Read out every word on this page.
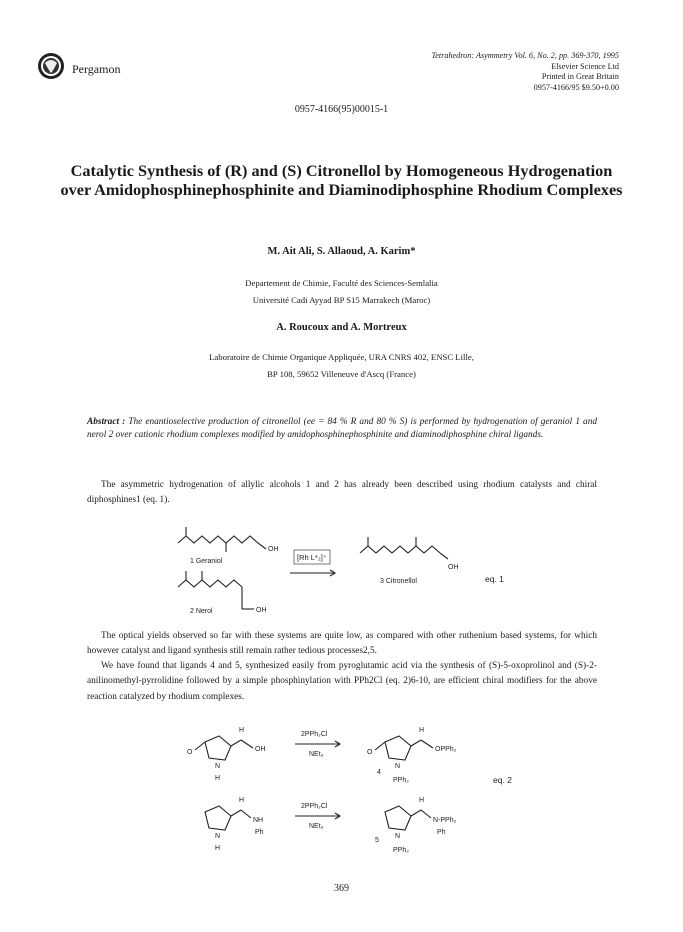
Pergamon
Tetrahedron: Asymmetry Vol. 6, No. 2, pp. 369-370, 1995
Elsevier Science Ltd
Printed in Great Britain
0957-4166/95 $9.50+0.00
0957-4166(95)00015-1
Catalytic Synthesis of (R) and (S) Citronellol by Homogeneous Hydrogenation over Amidophosphinephosphinite and Diaminodiphosphine Rhodium Complexes
M. Ait Ali, S. Allaoud, A. Karim*
Departement de Chimie, Faculté des Sciences-Semlalia
Université Cadi Ayyad BP S15 Marrakech (Maroc)
A. Roucoux and A. Mortreux
Laboratoire de Chimie Organique Appliquée, URA CNRS 402, ENSC Lille,
BP 108, 59652 Villeneuve d'Ascq (France)
Abstract : The enantioselective production of citronellol (ee = 84 % R and 80 % S) is performed by hydrogenation of geraniol 1 and nerol 2 over cationic rhodium complexes modified by amidophosphinephosphinite and diaminodiphosphine chiral ligands.
The asymmetric hydrogenation of allylic alcohols 1 and 2 has already been described using rhodium catalysts and chiral diphosphines1 (eq. 1).
OH
1 Geraniol
OH
2 Nerol
[Rh L*₂]⁺
OH
3 Citronellol	eq. 1
The optical yields observed so far with these systems are quite low, as compared with other ruthenium based systems, for which however catalyst and ligand synthesis still remain rather tedious processes2,5.
We have found that ligands 4 and 5, synthesized easily from pyroglutamic acid via the synthesis of (S)-5-oxoprolinol and (S)-2-anilinomethyl-pyrrolidine followed by a simple phosphinylation with PPh2Cl (eq. 2)6-10, are efficient chiral modifiers for the above reaction catalyzed by rhodium complexes.
O
H
OH
N
H
2PPh₂Cl
NEt₃	O
H
OPPh₂
N
4
PPh₂	eq. 2
H
NH
Ph
N
H
2PPh₂Cl
NEt₃
H
N-PPh₂
Ph
N
5
PPh₂
369
